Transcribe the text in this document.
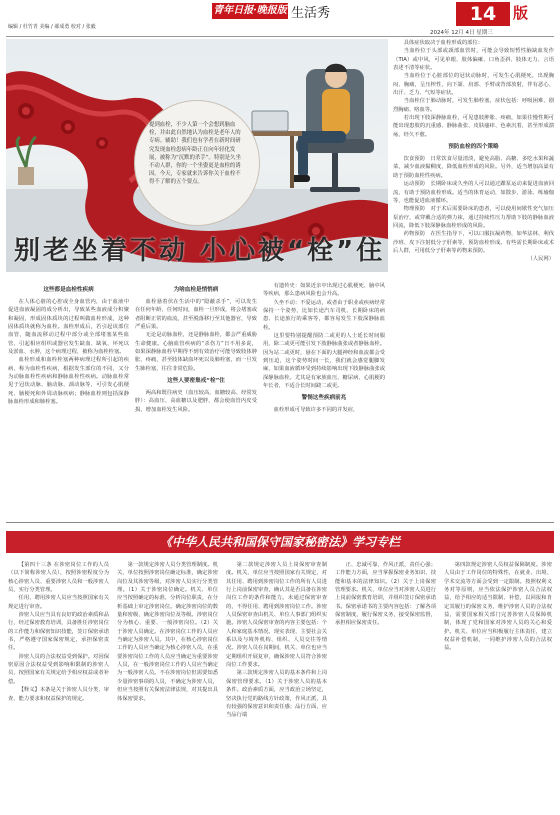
编辑 / 杜竹青 美编 / 郝成勇 校对 / 张毅
青年日报·晚报版 生活秀	14	版
2024年 12月 4日 星期三
提到血栓，不少人第一个会想到脑血栓，并由此自然地认为血栓是老年人的专病。辅助！我们也有学者在新时间研究发现血栓患病年龄正在向年轻化发展，被称为“沉默的杀手”。特别是久坐不动人群，你的一个坐姿更是血栓的诱因。今天，专家就来告诉你关于血栓不得不了解的五个要点。
别老坐着不动 小心被“栓”住
这些都是血栓性疾病

在人体心脏的心腔或全身血管内，由于血液中促进血液凝固的成分析出，导致某些血液成分积聚和凝固，形成固体质块的过程叫做血栓形成，这种固体质块就称为血栓。血栓形成后，若引起该部位血管，随血流移动过程中部分或全部堵塞某些血管，引起相应组织或器官发生缺血、缺氧、坏死以及淤血、水肿，这个病理过程，被称为血栓栓塞。

血栓形成和血栓栓塞两种病理过程所引起的疾病，称为血栓性疾病，根据发生部位的不同，又分为动脉血栓性疾病和静脉血栓性疾病。动脉血栓常见于冠状动脉、脑动脉、颈动脉等，可引发心肌梗死、脑梗死和外周动脉疾病；静脉血栓则包括深静脉血栓形成和肺栓塞。

为啥血栓是悄悄病

血栓悬着伏在生活中的“隐蔽杀手”，可以发生在任何年龄、任何时间，血栓一旦形成，将会堵塞或者阻断正常的血流，甚至脱落移行至其他器官，导致严重后果。

无论是动脉血栓，还是静脉血栓，都会严重威胁生命健康。心脑血管疾病的“杀伤力”日不用多说，如果深静脉血栓早期得不到有效治疗可能导致肢体肿胀、疼痛，甚至肢体缺血坏死以及肺栓塞，而一旦发生肺栓塞，往往非常危险。

这些人要密集戒“栓”住

两高和既往病史（血压较高、血糖较高、经常发胖）：高血压、高血糖以及肥胖，都会使血管内皮受损，增加血栓发生风险。

有遗传史：如果近亲中出现过心肌梗死、脑中风等疾病，那么患病风险也会升高。

久坐不动：不爱运动，或者由于职业或疾病经常保持一个姿势，比如长途汽车司机、长期卧床的病患、长途旅行的乘客等，都容易发生下肢深静脉血栓。

这里要特别提醒预防二或更的人士延长时间服用，除二或更可能引发下肢静脉曲张或者静脉血栓。因为站二或更时，悬在下面的大腿神经和血流都会受到压迫，这个姿势时间一长，我们就会感觉腿脚发麻，如果血液循环受到持续影响出现下肢静脉曲张或深静脉血栓。尤其是有家族血压、糖尿病、心肌梗的年长者，不适合长时间跷二或更。

警惕这些疾病前兆

血栓形成可导致许多不同的并发症，

具体症状取决于血栓形成的部位：

当血栓位于头部或颈部血管时，可能会导致短暂性脑缺血发作（TIA）或中风，可见单眼、肢体偏瘫、口角歪斜、肢体无力、言语表述不清等症状。

当血栓位于心脏部位的冠状动脉时，可发生心肌梗死，出现胸闷、胸痛，呈压榨性，向下颌、肩部、手臂或背部放射，伴有恶心、出汗、乏力、气短等症状。

当血栓位于肺动脉时，可发生肺栓塞，症状包括：呼吸困难、剧烈胸痛、咯血等。

若出现下肢深静脉血栓，可见患肢肿胀、疼痛，如果往慢性期可能出现患肢的沉重感、静脉曲张、皮肤瘙痒、色素沉着，甚至形成溃疡，经久不愈。

预防血栓的四个策略

饮食预防　日常饮食尽量清淡，避免高脂、高糖、多吃水果和蔬菜，减少血液黏稠度，降低血栓形成的风险。另外，适当增加高粱有助于预防血栓性疾病。

运动预防　长期卧床或久坐的人可以通过踝泵运动来促进血液回流，有助于预防血栓形成。适当的体育运动，如散步、游泳、练瑜伽等，也能促进血液循环。

物理预防　对于术后需要卧床的患者，可以使用间歇性充气加压泵治疗，或穿戴合适的弹力袜，通过持续性压力帮助下肢的静脉血液回流，降低下肢深静脉血栓形成的风险。

药物预防　在医生指导下，可以口服抗凝药物，如华法林、利伐沙班、皮下注射低分子肝素等，预防血栓形成。有些需长期卧床或术后人群，可用低分子肝素等药物来预防。

（人民网）
《中华人民共和国保守国家秘密法》学习专栏

【第四十三条 在涉密岗位工作的人员（以下简称涉密人员），按照涉密程度分为核心涉密人员、重要涉密人员和一般涉密人员，实行分类管理。

任用、聘用涉密人员应当按照国家有关规定进行审查。

涉密人员应当具有良好的政治素质和品行，经过保密教育培训，具备胜任涉密岗位的工作能力和保密知识技能，签订保密承诺书，严格遵守国家保密规定，承担保密责任。

涉密人员的合法权益受到保护。对因保密原因合法权益受到影响和限制的涉密人员，按照国家有关规定给予相应权益或者补偿。

【释义】本条是关于涉密人员分类、审查、能力要求和权益保护的规定。

第一款规定涉密人员分类管理制度。机关、单位按照涉密岗位确定标准，确定涉密岗位及其涉密等级，对涉密人员实行分类管理。（1）关于涉密岗位确定。机关、单位应当按照确定的标准，分析岗位职责，在分析基础上审定涉密岗位。确定涉密岗位的数量和密级，确定涉密岗位及等级。涉密岗位分为核心、重要、一般涉密岗位。（2）关于涉密人员确定。在涉密岗位工作的人员应当确定为涉密人员。其中，在核心涉密岗位工作的人员应当确定为核心涉密人员，在重要涉密岗位工作的人员应当确定为重要涉密人员，在一般涉密岗位工作的人员应当确定为一般涉密人员。不在涉密岗位但需要知悉少量涉密事项的人员，不确定为涉密人员，但应当按照有关保密法律法规，对其提出具体保密要求。

第二款规定涉密人员上岗保密审查制度。机关、单位应当按照国家有关规定，对其任用、聘用到涉密岗位工作的所有人员进行上岗前保密审查，确认其是否具备在涉密岗位工作的条件和能力。未通过保密审查的，不得任用、聘用到涉密岗位工作。涉密人员保密审查由机关、单位人事部门组织实施。涉密人员保密审查的内容主要包括：个人和家庭基本情况、现实表现、主要社会关系以及与境外机构、组织、人员交往等情况。涉密人员在岗期间，机关、单位也应当定期组织开展复审，确保涉密人员符合涉密岗位工作要求。

第三款规定涉密人员的基本条件和上岗保密管理要求。（1）关于涉密人员的基本条件。政治素质方面，应当政治立场坚定，坚决执行党的路线方针政策，作风正派，具有较强的保密意识和责任感；品行方面，应当品行端

正、忠诚可靠，作风正派，责任心强；工作能力方面，应当掌握保密业务知识、技能和基本的法律知识。（2）关于上岗保密管理要求。机关、单位应当对涉密人员进行上岗前保密教育培训，并组织签订保密承诺书。保密承诺书的主要内容包括：了解各项保密制度，履行保密义务，接受保密监督，承担相应保密责任。

第四款规定涉密人员权益保障制度。涉密人员由于工作岗位的特殊性，在就业、出境、学术交流等方面会受到一定限制。按照权利义务对等原则，应当依法保护涉密人员合法权益，给予相应的适当限制、补偿，以回报和肯定其履行的保密义务，维护涉密人员的合法权益，需要国家相关部门完善涉密人员保障机制，体现了党和国家对涉密人员的关心和爱护。机关、单位应当积极履行主体责任，建立权益补偿机制，一同维护涉密人员的合法权益。
